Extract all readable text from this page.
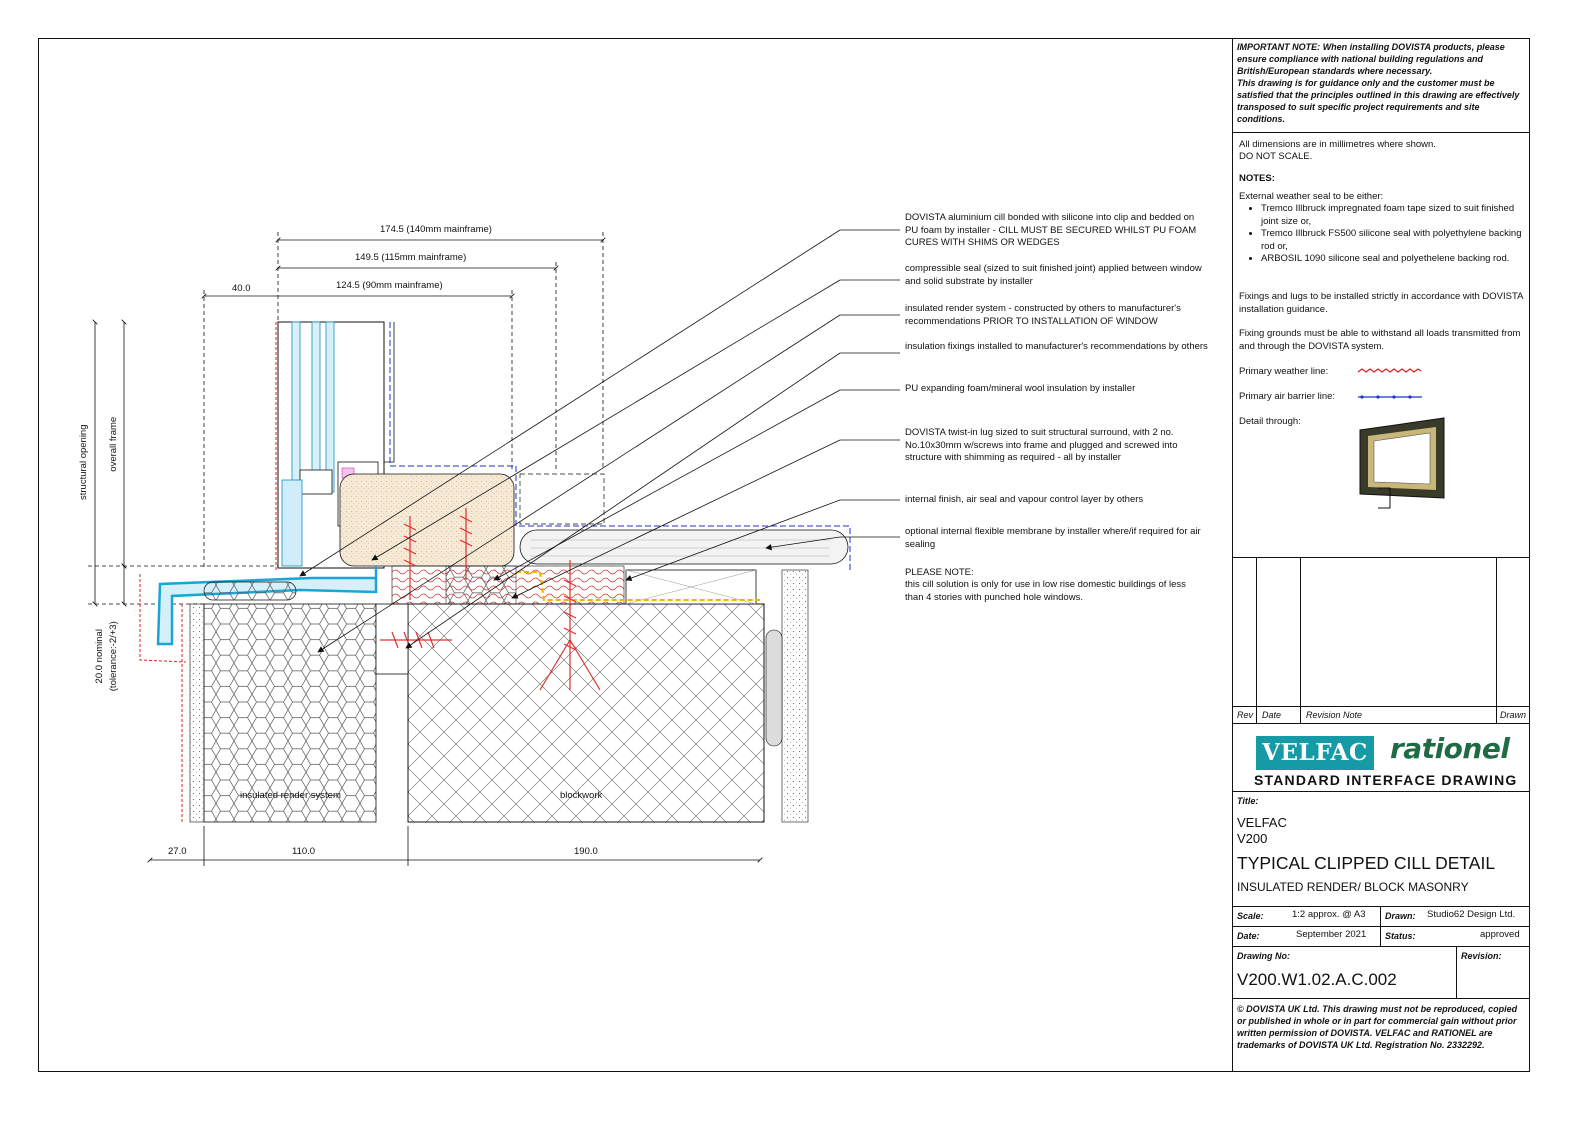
174.5 (140mm mainframe)
149.5 (115mm mainframe)
124.5 (90mm mainframe)
40.0
27.0	110.0	190.0
structural opening overall frame
20.0 nominal (tolerance:-2/+3)
insulated render system	blockwork
DOVISTA aluminium cill bonded with silicone into clip and bedded on PU foam by installer - CILL MUST BE SECURED WHILST PU FOAM CURES WITH SHIMS OR WEDGES
compressible seal (sized to suit finished joint) applied between window and solid substrate by installer
insulated render system - constructed by others to manufacturer's recommendations PRIOR TO INSTALLATION OF WINDOW
insulation fixings installed to manufacturer's recommendations by others
PU expanding foam/mineral wool insulation by installer
DOVISTA twist-in lug sized to suit structural surround, with 2 no. No.10x30mm w/screws into frame and plugged and screwed into structure with shimming as required - all by installer
internal finish, air seal and vapour control layer by others
optional internal flexible membrane by installer where/if required for air sealing
PLEASE NOTE:
this cill solution is only for use in low rise domestic buildings of less than 4 stories with punched hole windows.
IMPORTANT NOTE: When installing DOVISTA products, please ensure compliance with national building regulations and British/European standards where necessary.
This drawing is for guidance only and the customer must be satisfied that the principles outlined in this drawing are effectively transposed to suit specific project requirements and site conditions.
All dimensions are in millimetres where shown.
DO NOT SCALE.
NOTES:
External weather seal to be either:
• Tremco Illbruck impregnated foam tape sized to suit finished joint size or,
• Tremco Illbruck FS500 silicone seal with polyethylene backing rod or,
• ARBOSIL 1090 silicone seal and polyethelene backing rod.
Fixings and lugs to be installed strictly in accordance with DOVISTA installation guidance.
Fixing grounds must be able to withstand all loads transmitted from and through the DOVISTA system.
Primary weather line:
Primary air barrier line:
Detail through:
Rev Date	Revision Note	Drawn
VELFAC rationel
STANDARD INTERFACE DRAWING
Title:
VELFAC
V200
TYPICAL CLIPPED CILL DETAIL
INSULATED RENDER/ BLOCK MASONRY
Scale:	1:2 approx. @ A3 Drawn: Studio62 Design Ltd.
Date:	September 2021 Status:	approved
Drawing No:	Revision:
V200.W1.02.A.C.002
© DOVISTA UK Ltd. This drawing must not be reproduced, copied or published in whole or in part for commercial gain without prior written permission of DOVISTA. VELFAC and RATIONEL are trademarks of DOVISTA UK Ltd. Registration No. 2332292.
